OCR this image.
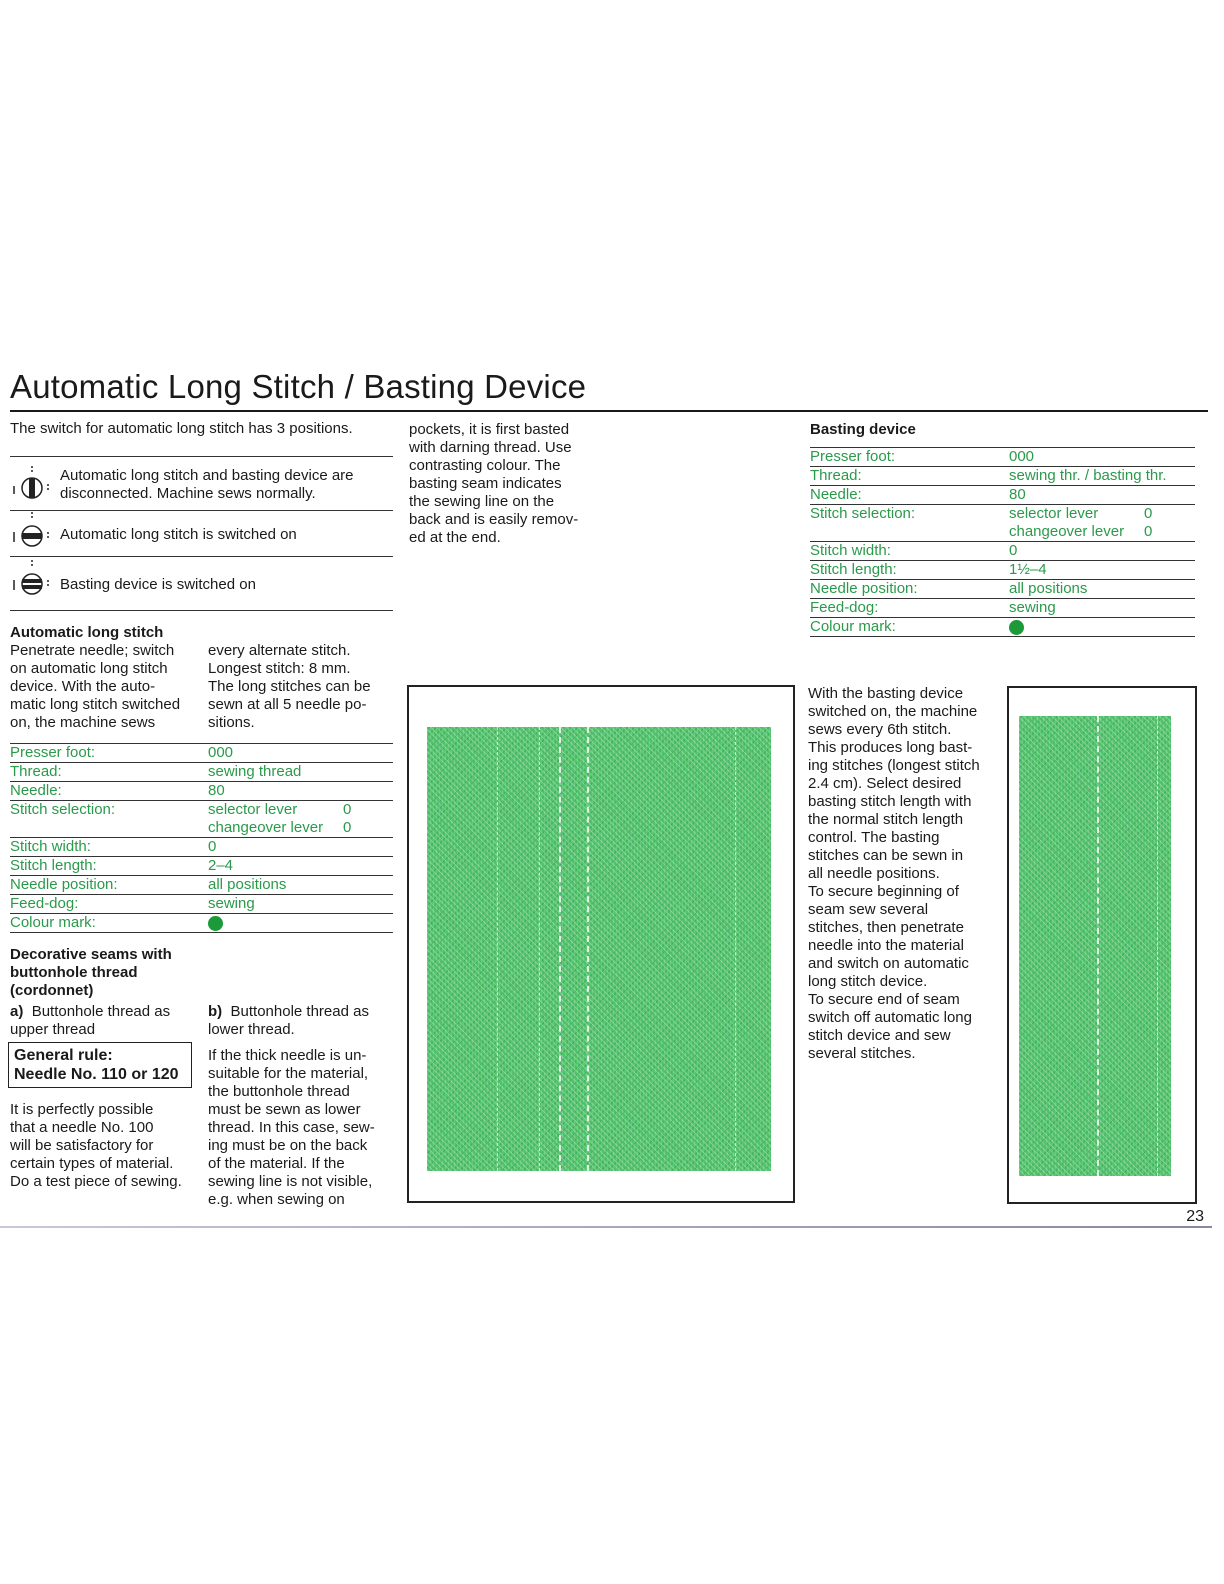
Automatic Long Stitch / Basting Device
The switch for automatic long stitch has 3 positions.
Automatic long stitch and basting device are
disconnected. Machine sews normally.
Automatic long stitch is switched on
Basting device is switched on
Automatic long stitch
Penetrate needle; switch
on automatic long stitch
device. With the auto-
matic long stitch switched
on, the machine sews
every alternate stitch.
Longest stitch: 8 mm.
The long stitches can be
sewn at all 5 needle po-
sitions.
Presser foot:	000
Thread:	sewing thread
Needle:	80
Stitch selection:	selector lever	0
changeover lever 0
Stitch width:	0
Stitch length:	2–4
Needle position:	all positions
Feed-dog:	sewing
Colour mark:
Decorative seams with
buttonhole thread
(cordonnet)
a) Buttonhole thread as
upper thread
b) Buttonhole thread as
lower thread.
General rule:
Needle No. 110 or 120
It is perfectly possible
that a needle No. 100
will be satisfactory for
certain types of material.
Do a test piece of sewing.
If the thick needle is un-
suitable for the material,
the buttonhole thread
must be sewn as lower
thread. In this case, sew-
ing must be on the back
of the material. If the
sewing line is not visible,
e.g. when sewing on
pockets, it is first basted
with darning thread. Use
contrasting colour. The
basting seam indicates
the sewing line on the
back and is easily remov-
ed at the end.
Basting device
Presser foot:	000
Thread:	sewing thr. / basting thr.
Needle:	80
Stitch selection:	selector lever	0
changeover lever 0
Stitch width:	0
Stitch length:	1½–4
Needle position:	all positions
Feed-dog:	sewing
Colour mark:
With the basting device
switched on, the machine
sews every 6th stitch.
This produces long bast-
ing stitches (longest stitch
2.4 cm). Select desired
basting stitch length with
the normal stitch length
control. The basting
stitches can be sewn in
all needle positions.
To secure beginning of
seam sew several
stitches, then penetrate
needle into the material
and switch on automatic
long stitch device.
To secure end of seam
switch off automatic long
stitch device and sew
several stitches.
23
